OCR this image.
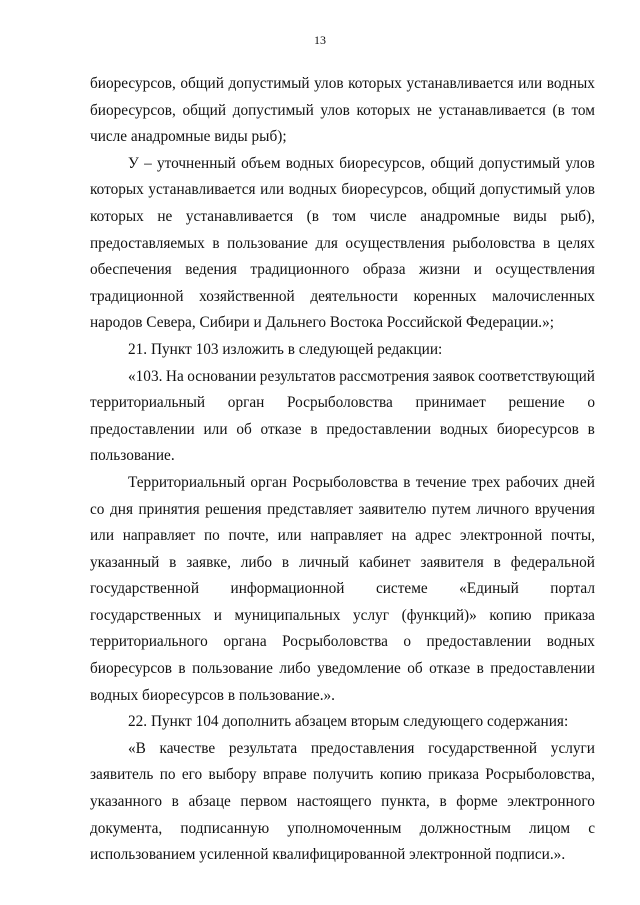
13
биоресурсов, общий допустимый улов которых устанавливается или водных
биоресурсов, общий допустимый улов которых не устанавливается (в том
числе анадромные виды рыб);
У – уточненный объем водных биоресурсов, общий допустимый улов
которых устанавливается или водных биоресурсов, общий допустимый улов
которых не устанавливается (в том числе анадромные виды рыб),
предоставляемых в пользование для осуществления рыболовства в целях
обеспечения ведения традиционного образа жизни и осуществления
традиционной хозяйственной деятельности коренных малочисленных
народов Севера, Сибири и Дальнего Востока Российской Федерации.»;
21. Пункт 103 изложить в следующей редакции:
«103. На основании результатов рассмотрения заявок соответствующий
территориальный орган Росрыболовства принимает решение о
предоставлении или об отказе в предоставлении водных биоресурсов в
пользование.
Территориальный орган Росрыболовства в течение трех рабочих дней
со дня принятия решения представляет заявителю путем личного вручения
или направляет по почте, или направляет на адрес электронной почты,
указанный в заявке, либо в личный кабинет заявителя в федеральной
государственной информационной системе «Единый портал
государственных и муниципальных услуг (функций)» копию приказа
территориального органа Росрыболовства о предоставлении водных
биоресурсов в пользование либо уведомление об отказе в предоставлении
водных биоресурсов в пользование.».
22. Пункт 104 дополнить абзацем вторым следующего содержания:
«В качестве результата предоставления государственной услуги
заявитель по его выбору вправе получить копию приказа Росрыболовства,
указанного в абзаце первом настоящего пункта, в форме электронного
документа, подписанную уполномоченным должностным лицом с
использованием усиленной квалифицированной электронной подписи.».
